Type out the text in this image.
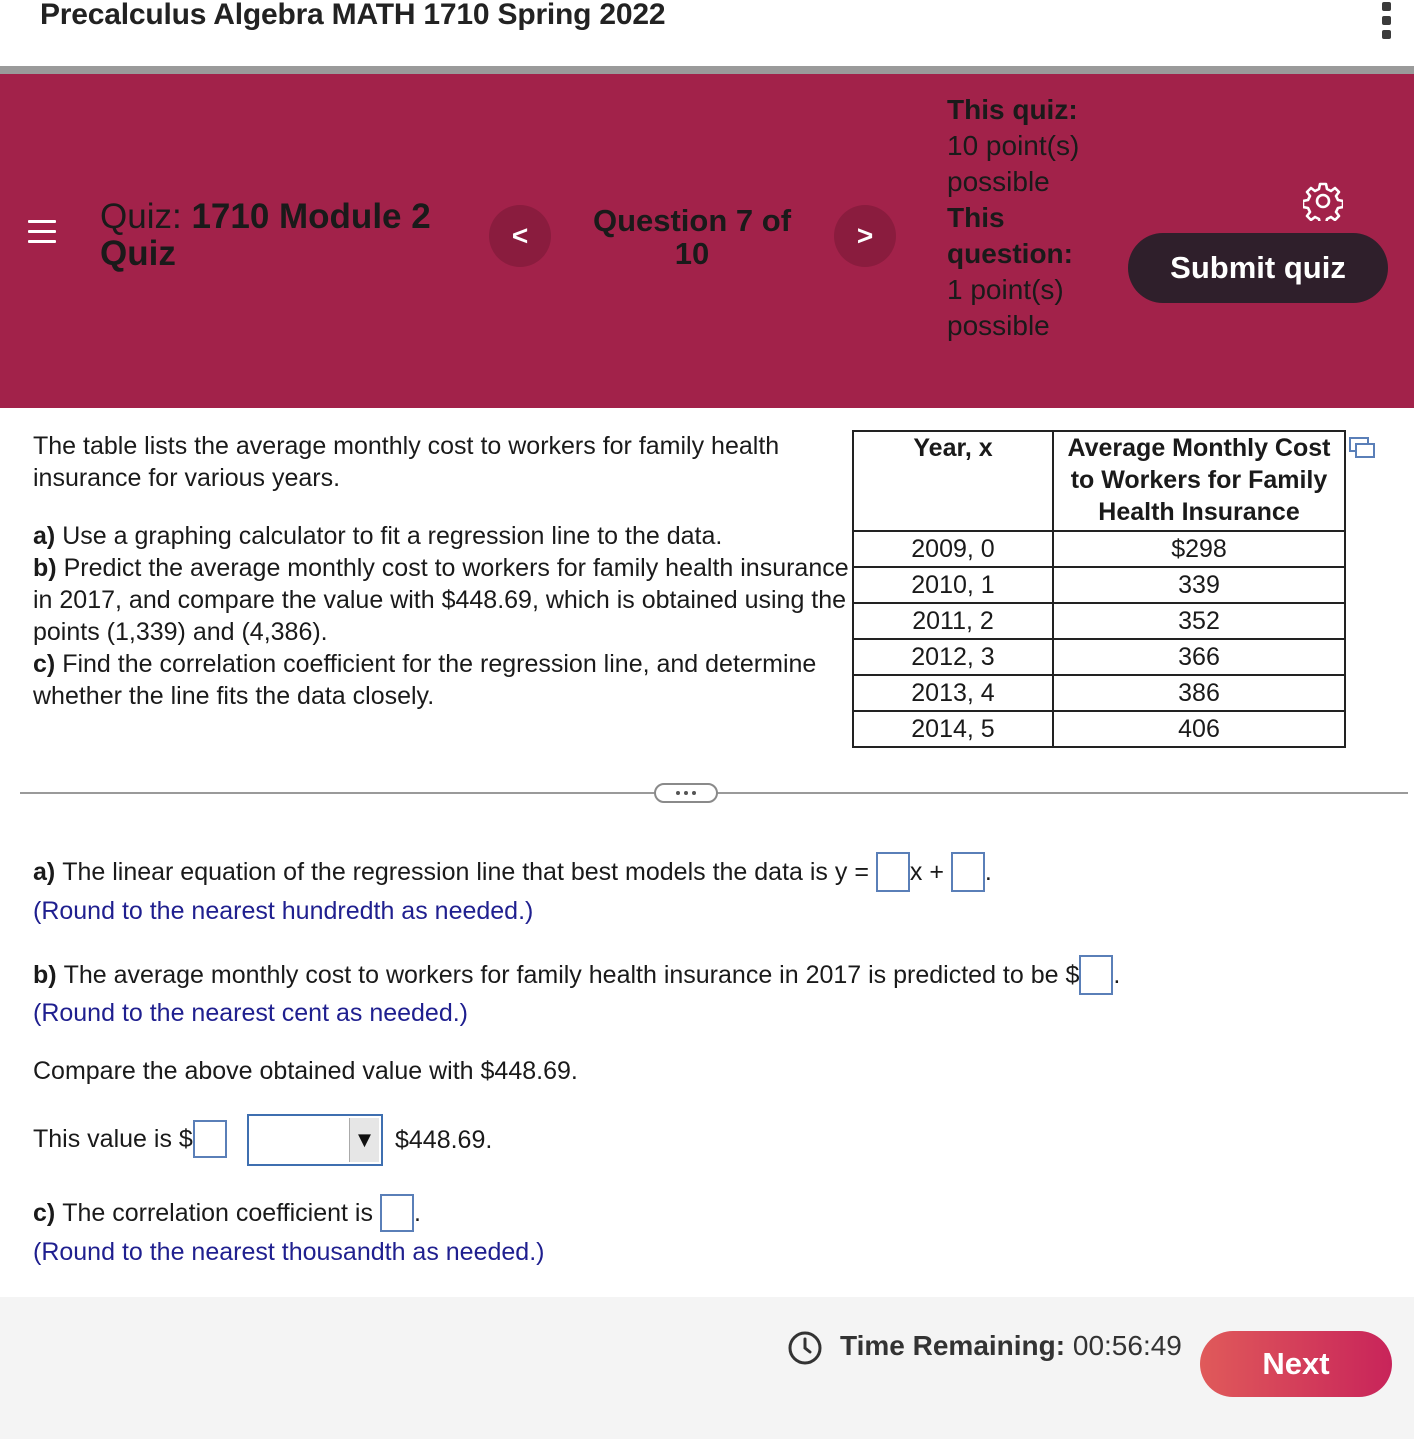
Precalculus Algebra MATH 1710 Spring 2022
Quiz: 1710 Module 2 Quiz	<	Question 7 of 10
>
This quiz: 10 point(s) possible
This question:
1 point(s) possible
Submit quiz

The table lists the average monthly cost to workers for family health insurance for various years.

a) Use a graphing calculator to fit a regression line to the data.

b) Predict the average monthly cost to workers for family health insurance in 2017, and compare the value with $448.69, which is obtained using the points (1,339) and (4,386).

c) Find the correlation coefficient for the regression line, and determine whether the line fits the data closely.

Year, x	Average Monthly Cost to Workers for Family Health Insurance
2009, 0	$298
2010, 1	339
2011, 2	352
2012, 3	366
2013, 4	386
2014, 5	406
a)
The linear equation of the regression line that best models the data is y =
x +
.
(Round to the nearest hundredth as needed.)
b)
The average monthly cost to workers for family health insurance in 2017 is predicted to be $ .
(Round to the nearest cent as needed.)
Compare the above obtained value with $448.69.
This value is $	▼ $448.69.
c)
The correlation coefficient is
.
(Round to the nearest thousandth as needed.)
Time Remaining: 00:56:49
Next
